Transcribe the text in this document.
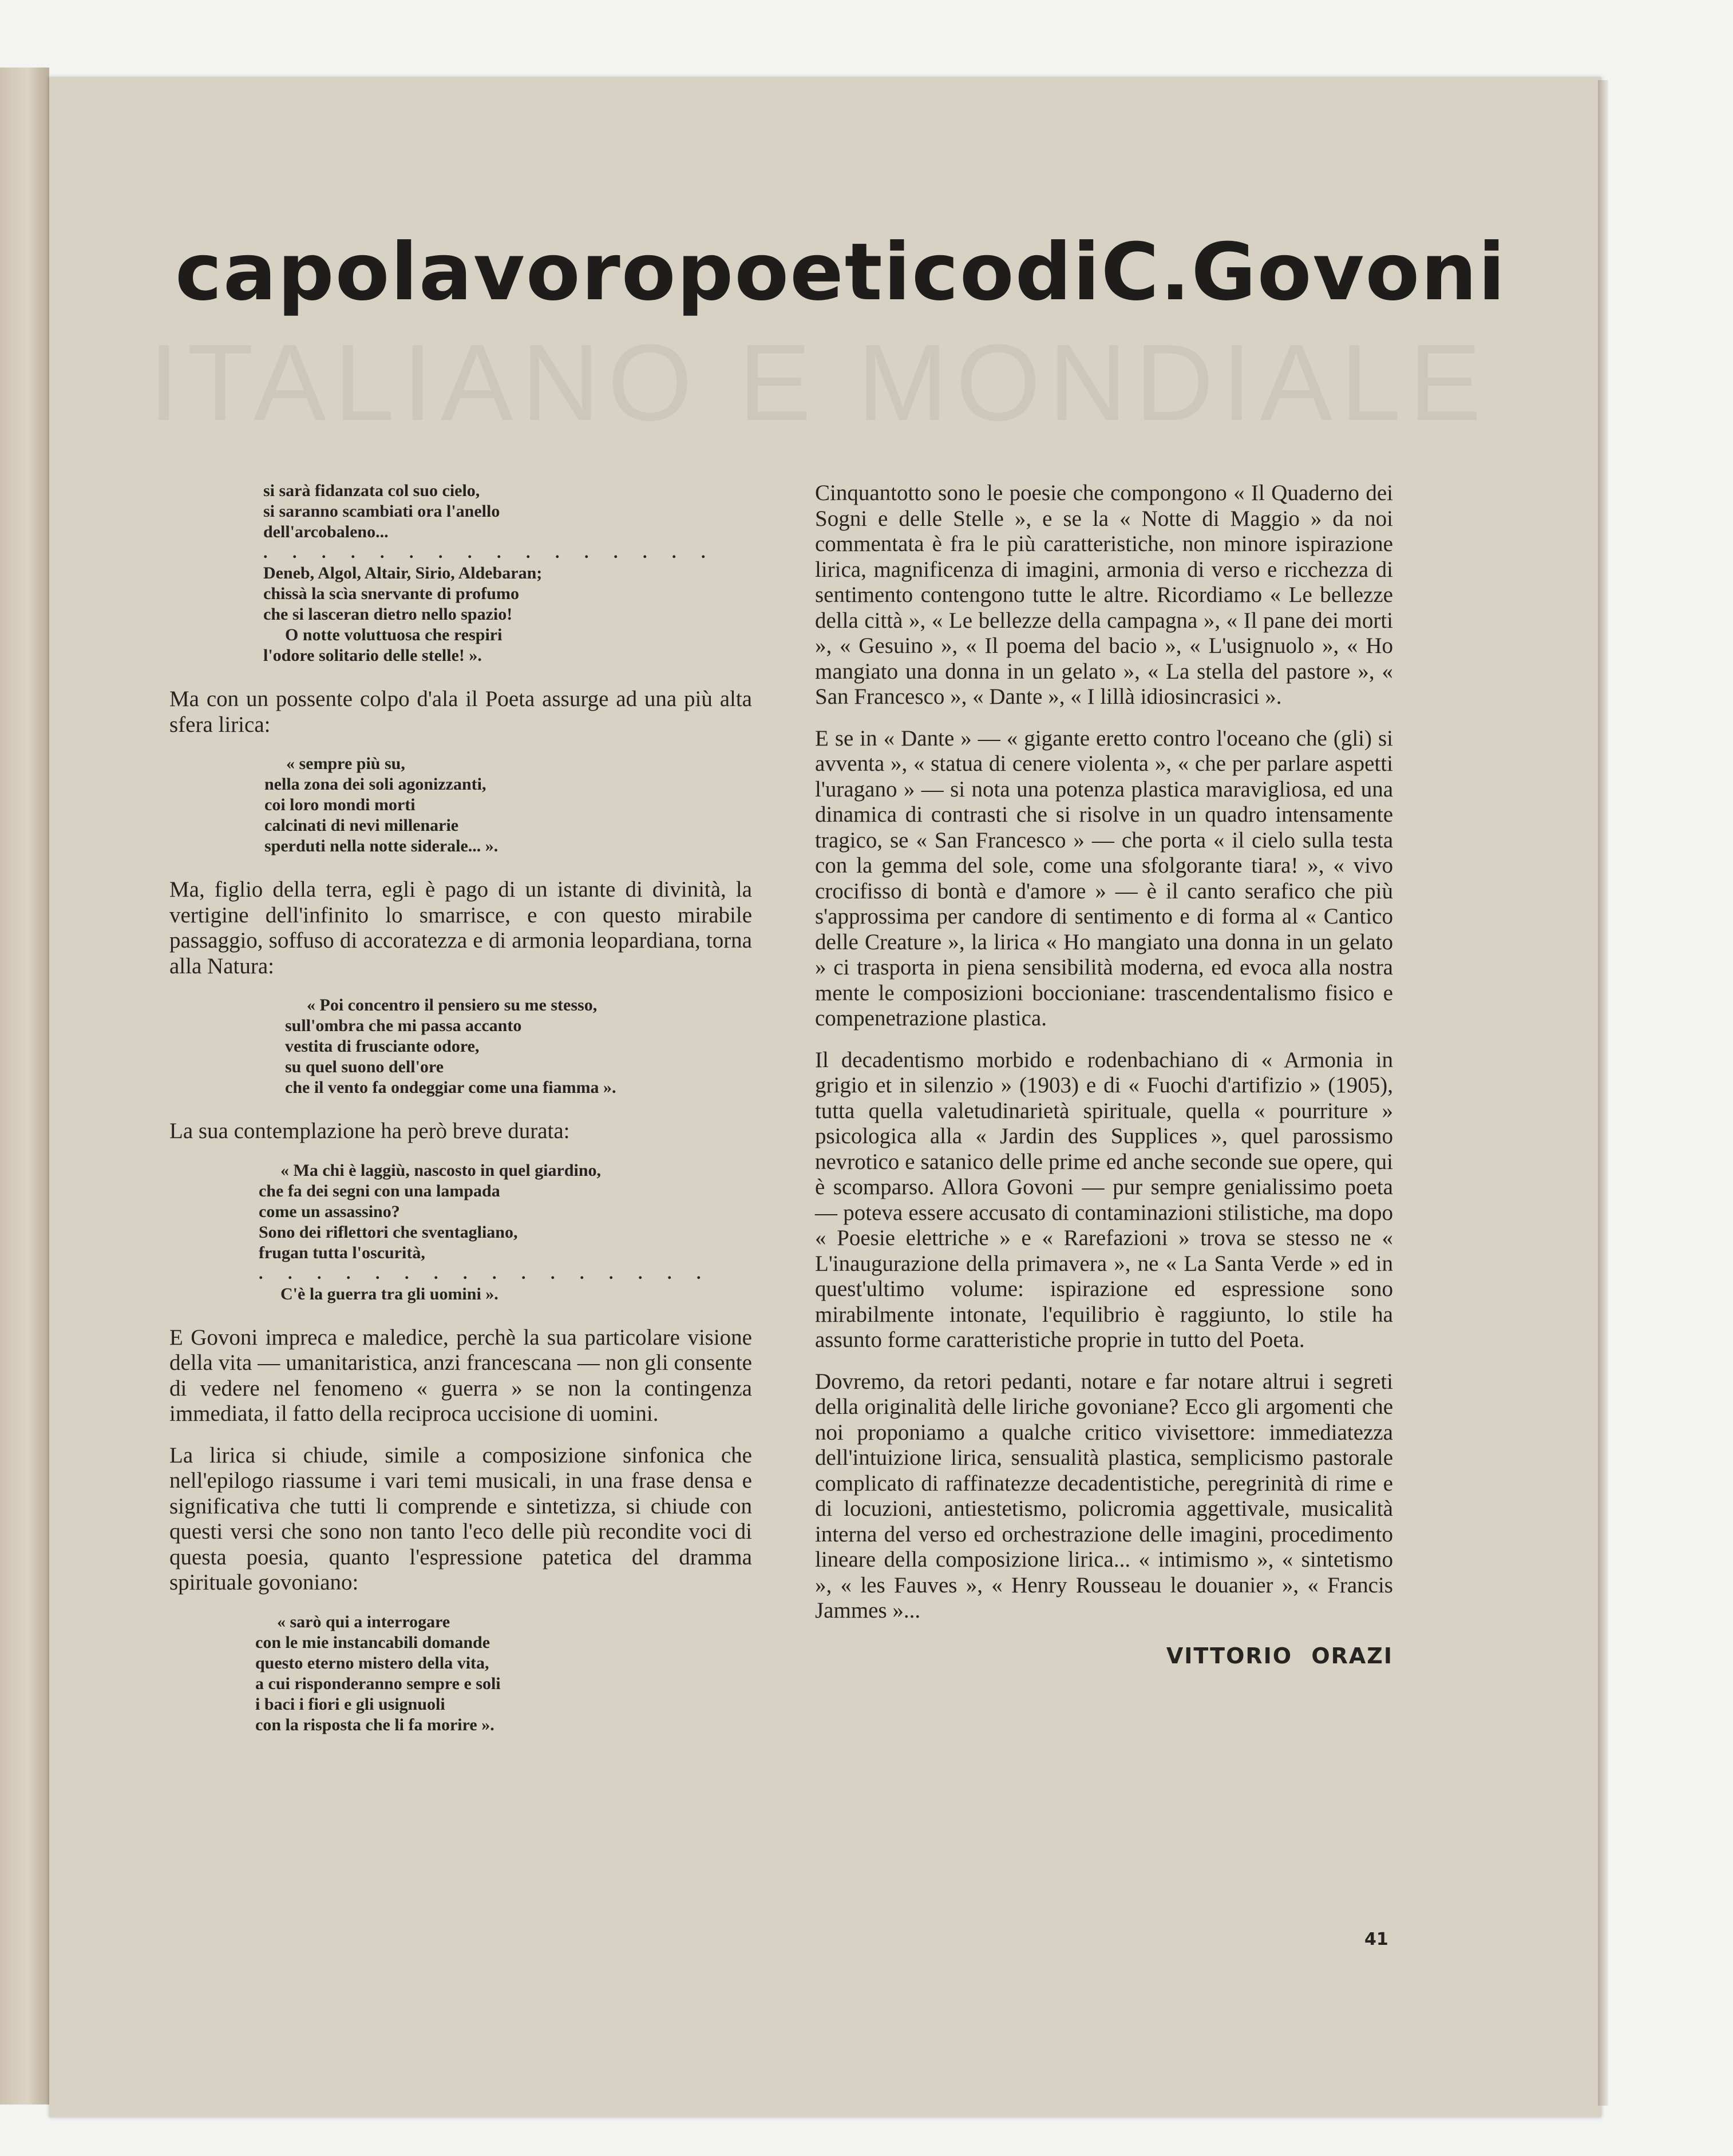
ITALIANO E MONDIALE
capolavoro poetico di C. Govoni
si sarà fidanzata col suo cielo,
si saranno scambiati ora l'anello
dell'arcobaleno...
. . . . . . . . . . . . . . . .
Deneb, Algol, Altair, Sirio, Aldebaran;
chissà la scìa snervante di profumo
che si lasceran dietro nello spazio!
O notte voluttuosa che respiri
l'odore solitario delle stelle! ».

Ma con un possente colpo d'ala il Poeta assurge ad una più alta sfera lirica:

« sempre più su,
nella zona dei soli agonizzanti,
coi loro mondi morti
calcinati di nevi millenarie
sperduti nella notte siderale... ».

Ma, figlio della terra, egli è pago di un istante di divinità, la vertigine dell'infinito lo smarrisce, e con questo mirabile passaggio, soffuso di accoratezza e di armonia leopardiana, torna alla Natura:

« Poi concentro il pensiero su me stesso,
sull'ombra che mi passa accanto
vestita di frusciante odore,
su quel suono dell'ore
che il vento fa ondeggiar come una fiamma ».

La sua contemplazione ha però breve durata:

« Ma chi è laggiù, nascosto in quel giardino,
che fa dei segni con una lampada
come un assassino?
Sono dei riflettori che sventagliano,
frugan tutta l'oscurità,
. . . . . . . . . . . . . . . .
C'è la guerra tra gli uomini ».

E Govoni impreca e maledice, perchè la sua particolare visione della vita — umanitaristica, anzi francescana — non gli consente di vedere nel fenomeno « guerra » se non la contingenza immediata, il fatto della reciproca uccisione di uomini.

La lirica si chiude, simile a composizione sinfonica che nell'epilogo riassume i vari temi musicali, in una frase densa e significativa che tutti li comprende e sintetizza, si chiude con questi versi che sono non tanto l'eco delle più recondite voci di questa poesia, quanto l'espressione patetica del dramma spirituale govoniano:

« sarò qui a interrogare
con le mie instancabili domande
questo eterno mistero della vita,
a cui risponderanno sempre e soli
i baci i fiori e gli usignuoli
con la risposta che li fa morire ».

Cinquantotto sono le poesie che compongono « Il Quaderno dei Sogni e delle Stelle », e se la « Notte di Maggio » da noi commentata è fra le più caratteristiche, non minore ispirazione lirica, magnificenza di imagini, armonia di verso e ricchezza di sentimento contengono tutte le altre. Ricordiamo « Le bellezze della città », « Le bellezze della campagna », « Il pane dei morti », « Gesuino », « Il poema del bacio », « L'usignuolo », « Ho mangiato una donna in un gelato », « La stella del pastore », « San Francesco », « Dante », « I lillà idiosincrasici ».

E se in « Dante » — « gigante eretto contro l'oceano che (gli) si avventa », « statua di cenere violenta », « che per parlare aspetti l'uragano » — si nota una potenza plastica maravigliosa, ed una dinamica di contrasti che si risolve in un quadro intensamente tragico, se « San Francesco » — che porta « il cielo sulla testa con la gemma del sole, come una sfolgorante tiara! », « vivo crocifisso di bontà e d'amore » — è il canto serafico che più s'approssima per candore di sentimento e di forma al « Cantico delle Creature », la lirica « Ho mangiato una donna in un gelato » ci trasporta in piena sensibilità moderna, ed evoca alla nostra mente le composizioni boccioniane: trascendentalismo fisico e compenetrazione plastica.

Il decadentismo morbido e rodenbachiano di « Armonia in grigio et in silenzio » (1903) e di « Fuochi d'artifizio » (1905), tutta quella valetudinarietà spirituale, quella « pourriture » psicologica alla « Jardin des Supplices », quel parossismo nevrotico e satanico delle prime ed anche seconde sue opere, qui è scomparso. Allora Govoni — pur sempre genialissimo poeta — poteva essere accusato di contaminazioni stilistiche, ma dopo « Poesie elettriche » e « Rarefazioni » trova se stesso ne « L'inaugurazione della primavera », ne « La Santa Verde » ed in quest'ultimo volume: ispirazione ed espressione sono mirabilmente intonate, l'equilibrio è raggiunto, lo stile ha assunto forme caratteristiche proprie in tutto del Poeta.

Dovremo, da retori pedanti, notare e far notare altrui i segreti della originalità delle liriche govoniane? Ecco gli argomenti che noi proponiamo a qualche critico vivisettore: immediatezza dell'intuizione lirica, sensualità plastica, semplicismo pastorale complicato di raffinatezze decadentistiche, peregrinità di rime e di locuzioni, antiestetismo, policromia aggettivale, musicalità interna del verso ed orchestrazione delle imagini, procedimento lineare della composizione lirica... « intimismo », « sintetismo », « les Fauves », « Henry Rousseau le douanier », « Francis Jammes »...

VITTORIO ORAZI
41
